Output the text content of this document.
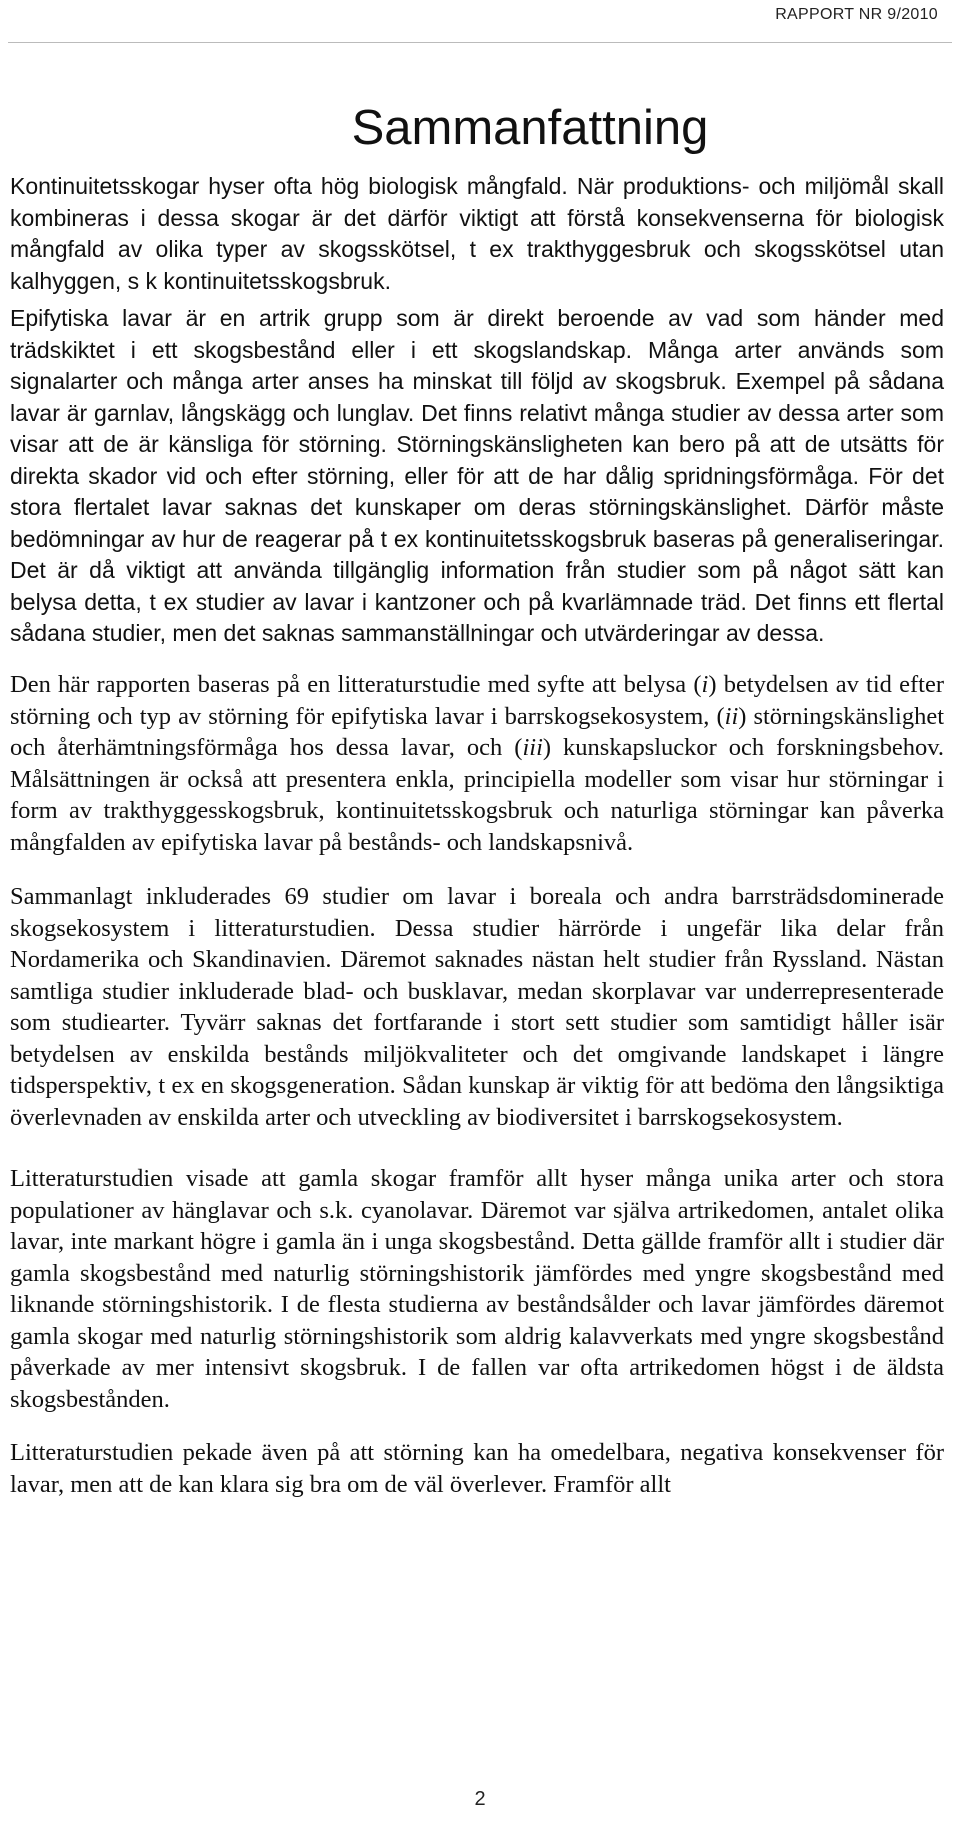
RAPPORT NR 9/2010
Sammanfattning

Kontinuitetsskogar hyser ofta hög biologisk mångfald. När produktions- och miljömål skall kombineras i dessa skogar är det därför viktigt att förstå konsekvenserna för biologisk mångfald av olika typer av skogsskötsel, t ex trakthyggesbruk och skogsskötsel utan kalhyggen, s k kontinuitetsskogsbruk.

Epifytiska lavar är en artrik grupp som är direkt beroende av vad som händer med trädskiktet i ett skogsbestånd eller i ett skogslandskap. Många arter används som signalarter och många arter anses ha minskat till följd av skogsbruk. Exempel på sådana lavar är garnlav, långskägg och lunglav. Det finns relativt många studier av dessa arter som visar att de är känsliga för störning. Störningskänsligheten kan bero på att de utsätts för direkta skador vid och efter störning, eller för att de har dålig spridningsförmåga. För det stora flertalet lavar saknas det kunskaper om deras störningskänslighet. Därför måste bedömningar av hur de reagerar på t ex kontinuitetsskogsbruk baseras på generaliseringar. Det är då viktigt att använda tillgänglig information från studier som på något sätt kan belysa detta, t ex studier av lavar i kantzoner och på kvarlämnade träd. Det finns ett flertal sådana studier, men det saknas sammanställningar och utvärderingar av dessa.

Den här rapporten baseras på en litteraturstudie med syfte att belysa (i) betydelsen av tid efter störning och typ av störning för epifytiska lavar i barrskogsekosystem, (ii) störningskänslighet och återhämtningsförmåga hos dessa lavar, och (iii) kunskapsluckor och forskningsbehov. Målsättningen är också att presentera enkla, principiella modeller som visar hur störningar i form av trakthyggesskogsbruk, kontinuitetsskogsbruk och naturliga störningar kan påverka mångfalden av epifytiska lavar på bestånds- och landskapsnivå.

Sammanlagt inkluderades 69 studier om lavar i boreala och andra barrsträdsdominerade skogsekosystem i litteraturstudien. Dessa studier härrörde i ungefär lika delar från Nordamerika och Skandinavien. Däremot saknades nästan helt studier från Ryssland. Nästan samtliga studier inkluderade blad- och busklavar, medan skorplavar var underrepresenterade som studiearter. Tyvärr saknas det fortfarande i stort sett studier som samtidigt håller isär betydelsen av enskilda bestånds miljökvaliteter och det omgivande landskapet i längre tidsperspektiv, t ex en skogsgeneration. Sådan kunskap är viktig för att bedöma den långsiktiga överlevnaden av enskilda arter och utveckling av biodiversitet i barrskogsekosystem.

Litteraturstudien visade att gamla skogar framför allt hyser många unika arter och stora populationer av hänglavar och s.k. cyanolavar. Däremot var själva artrikedomen, antalet olika lavar, inte markant högre i gamla än i unga skogsbestånd. Detta gällde framför allt i studier där gamla skogsbestånd med naturlig störningshistorik jämfördes med yngre skogsbestånd med liknande störningshistorik. I de flesta studierna av beståndsålder och lavar jämfördes däremot gamla skogar med naturlig störningshistorik som aldrig kalavverkats med yngre skogsbestånd påverkade av mer intensivt skogsbruk. I de fallen var ofta artrikedomen högst i de äldsta skogsbestånden.

Litteraturstudien pekade även på att störning kan ha omedelbara, negativa konsekvenser för lavar, men att de kan klara sig bra om de väl överlever. Framför allt

2
